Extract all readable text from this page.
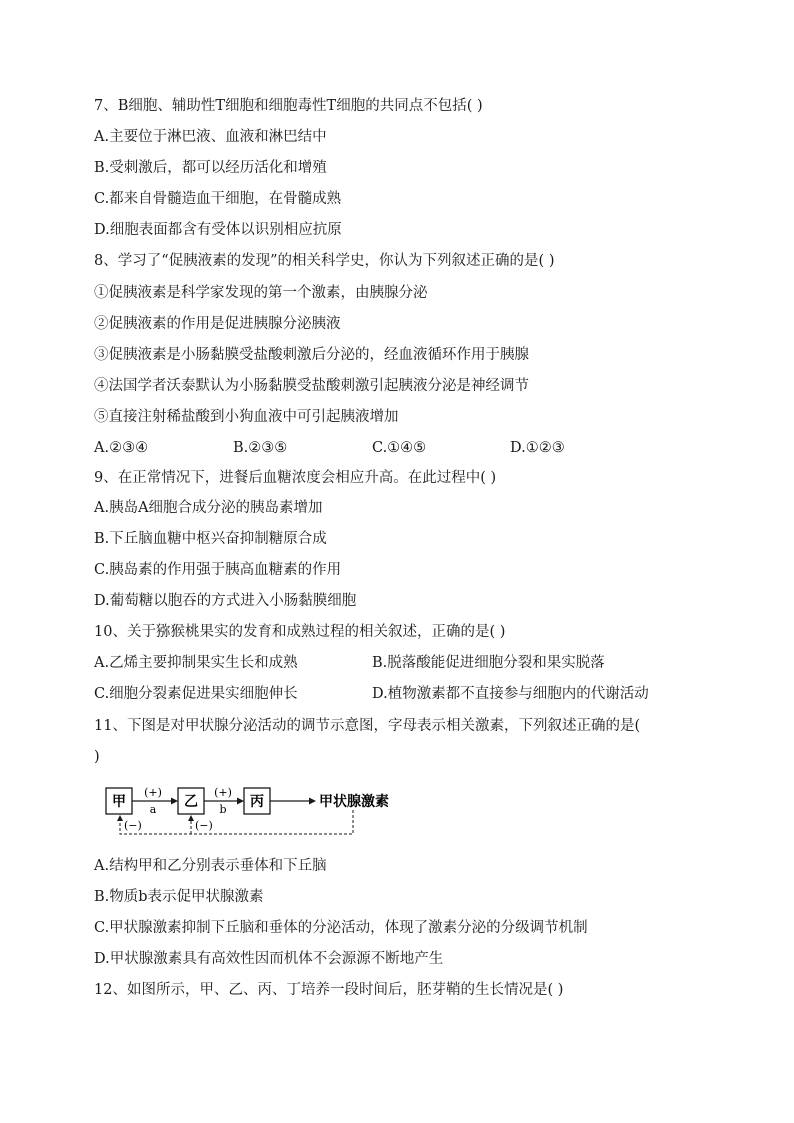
7、B细胞、辅助性T细胞和细胞毒性T细胞的共同点不包括( )
A.主要位于淋巴液、血液和淋巴结中
B.受刺激后，都可以经历活化和增殖
C.都来自骨髓造血干细胞，在骨髓成熟
D.细胞表面都含有受体以识别相应抗原
8、学习了“促胰液素的发现”的相关科学史，你认为下列叙述正确的是( )
①促胰液素是科学家发现的第一个激素，由胰腺分泌
②促胰液素的作用是促进胰腺分泌胰液
③促胰液素是小肠黏膜受盐酸刺激后分泌的，经血液循环作用于胰腺
④法国学者沃泰默认为小肠黏膜受盐酸刺激引起胰液分泌是神经调节
⑤直接注射稀盐酸到小狗血液中可引起胰液增加
A.②③④	B.②③⑤	C.①④⑤	D.①②③
9、在正常情况下，进餐后血糖浓度会相应升高。在此过程中( )
A.胰岛A细胞合成分泌的胰岛素增加
B.下丘脑血糖中枢兴奋抑制糖原合成
C.胰岛素的作用强于胰高血糖素的作用
D.葡萄糖以胞吞的方式进入小肠黏膜细胞
10、关于猕猴桃果实的发育和成熟过程的相关叙述，正确的是( )
A.乙烯主要抑制果实生长和成熟	B.脱落酸能促进细胞分裂和果实脱落
C.细胞分裂素促进果实细胞伸长	D.植物激素都不直接参与细胞内的代谢活动
11、下图是对甲状腺分泌活动的调节示意图，字母表示相关激素，下列叙述正确的是(
)
甲	乙	丙
(+)
a
(+)
b	甲状腺激素
(−)	(−)
A.结构甲和乙分别表示垂体和下丘脑
B.物质b表示促甲状腺激素
C.甲状腺激素抑制下丘脑和垂体的分泌活动，体现了激素分泌的分级调节机制
D.甲状腺激素具有高效性因而机体不会源源不断地产生
12、如图所示，甲、乙、丙、丁培养一段时间后，胚芽鞘的生长情况是( )
